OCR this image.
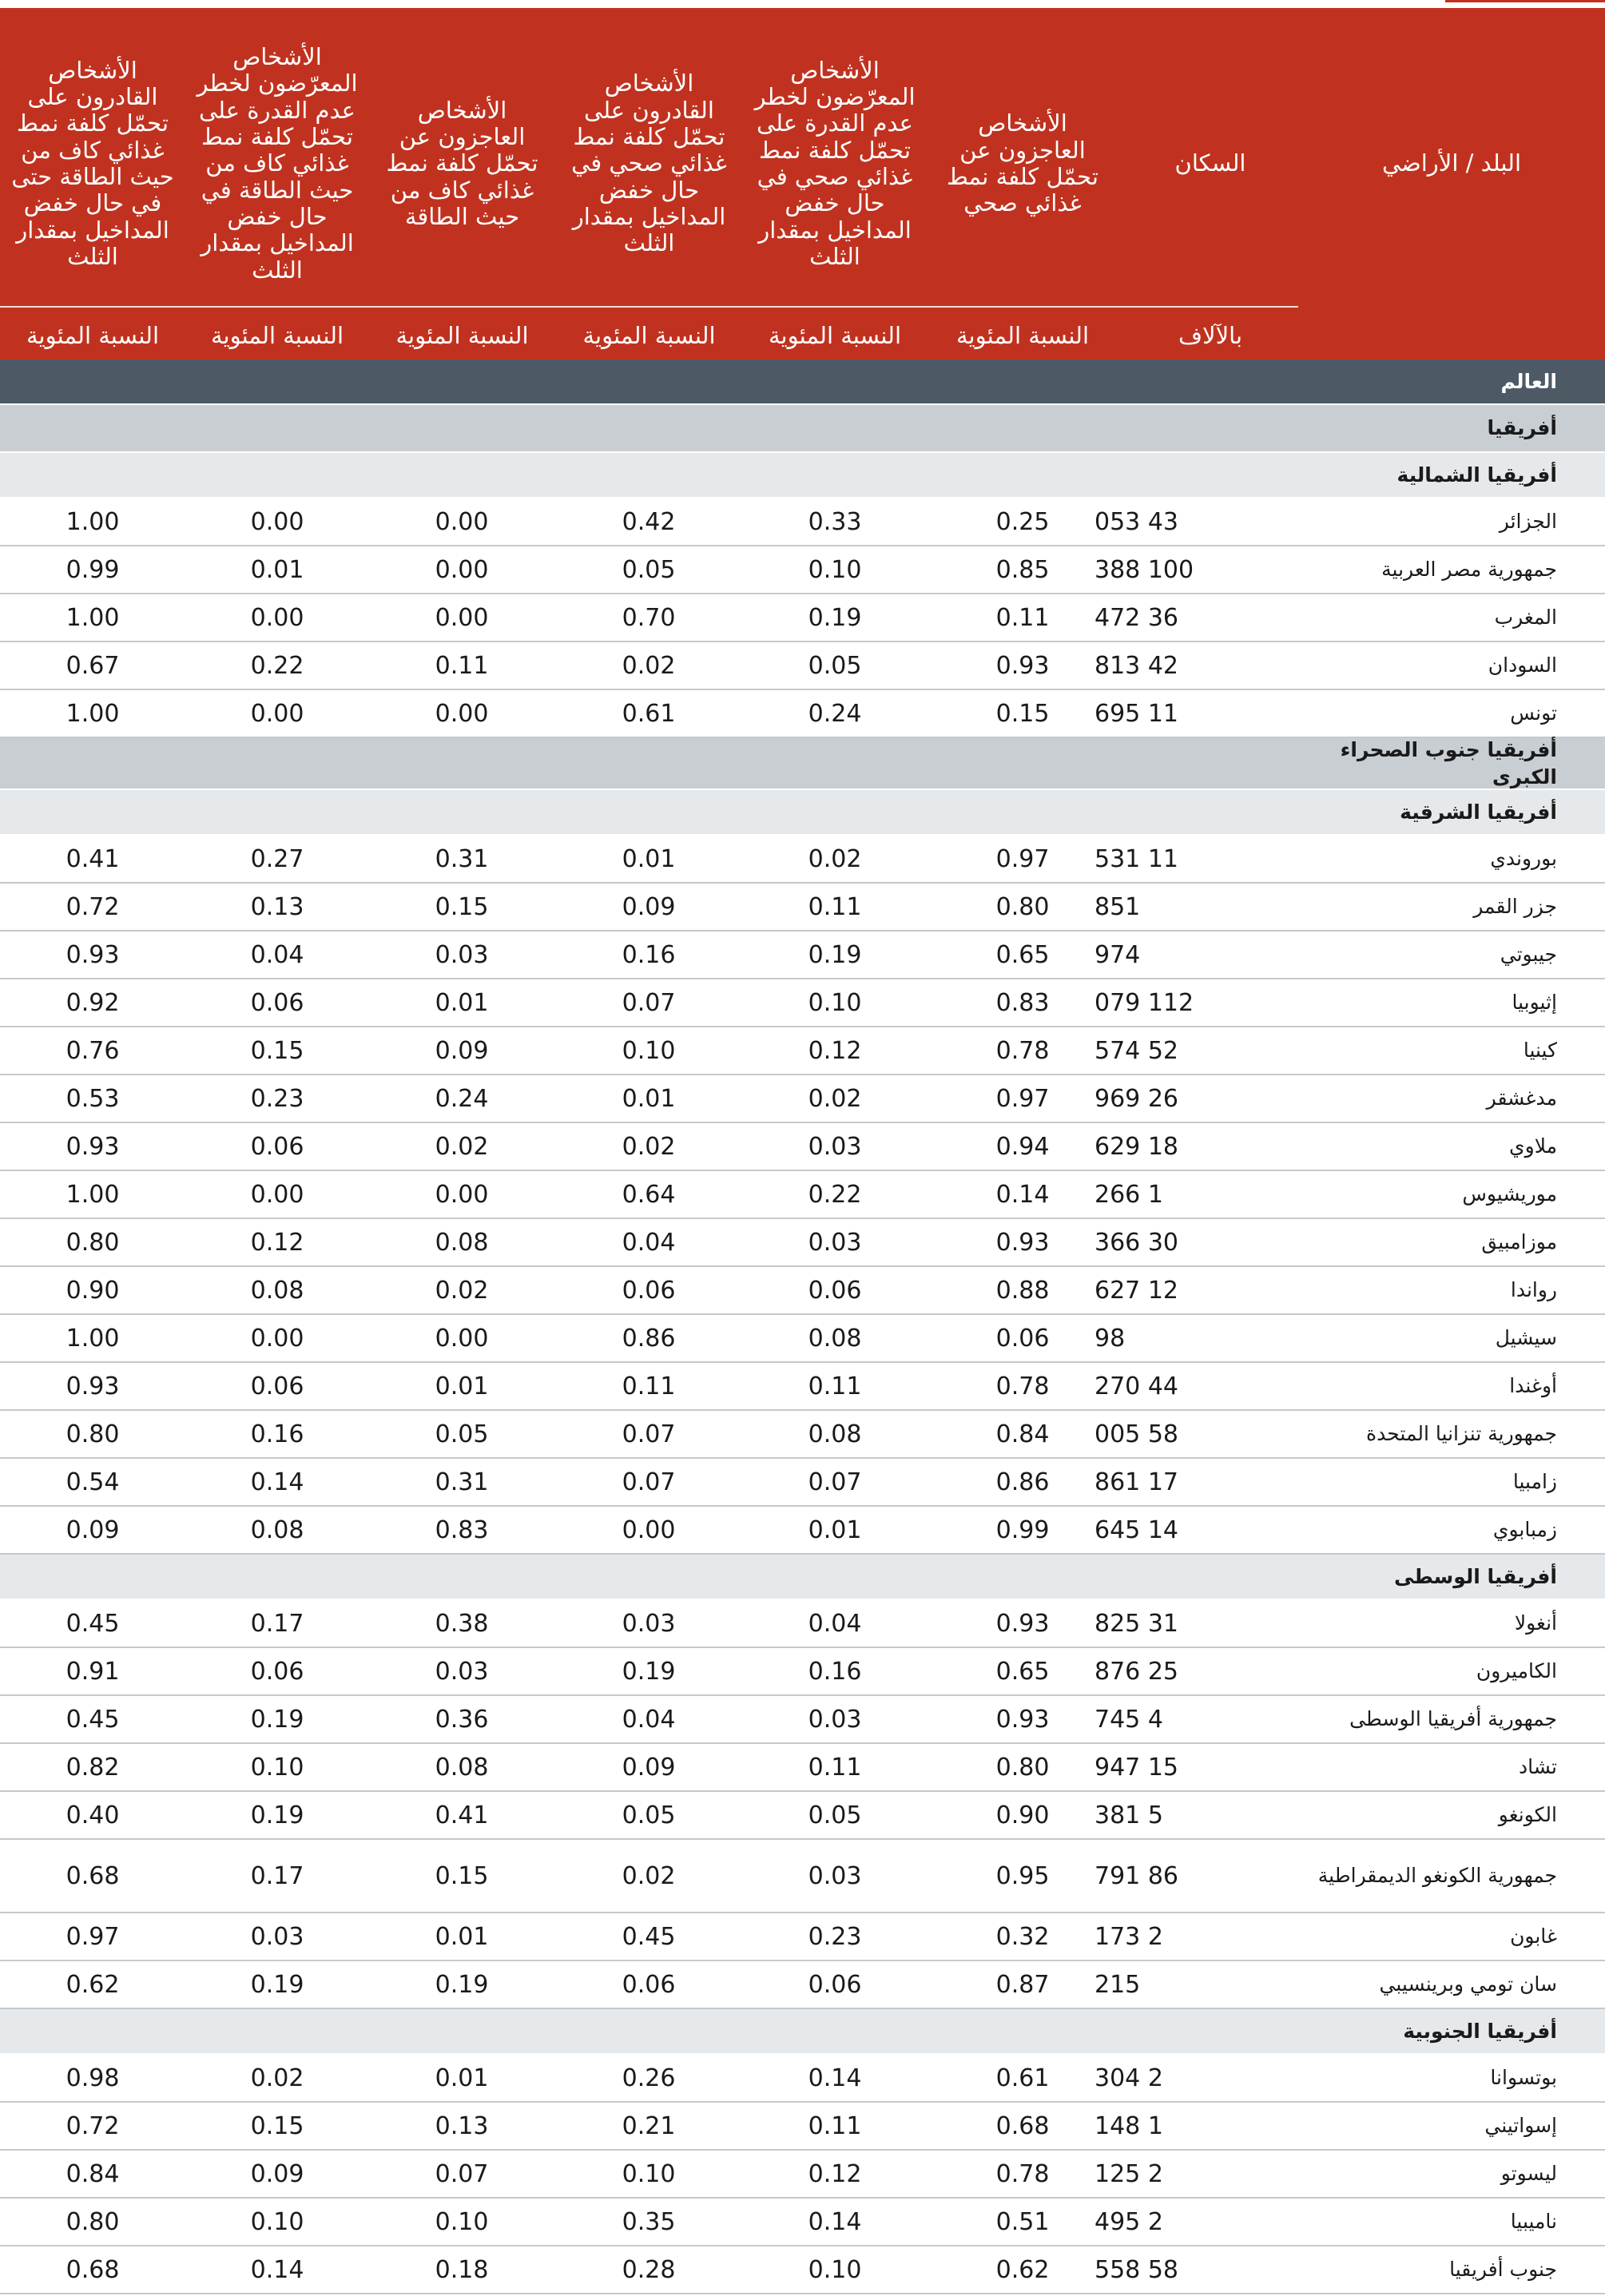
البلد / الأراضي
السكان
الأشخاص العاجزون عن تحمّل كلفة نمط غذائي صحي
الأشخاص المعرّضون لخطر عدم القدرة على تحمّل كلفة نمط غذائي صحي في حال خفض المداخيل بمقدار الثلث
الأشخاص القادرون على تحمّل كلفة نمط غذائي صحي في حال خفض المداخيل بمقدار الثلث
الأشخاص العاجزون عن تحمّل كلفة نمط غذائي كاف من حيث الطاقة
الأشخاص المعرّضون لخطر عدم القدرة على تحمّل كلفة نمط غذائي كاف من حيث الطاقة في حال خفض المداخيل بمقدار الثلث
الأشخاص القادرون على تحمّل كلفة نمط غذائي كاف من حيث الطاقة حتى في حال خفض المداخيل بمقدار الثلث
بالآلاف
النسبة المئوية
النسبة المئوية
النسبة المئوية
النسبة المئوية
النسبة المئوية
النسبة المئوية
العالم
أفريقيا
أفريقيا الشمالية
الجزائر
43 053
0.25
0.33
0.42
0.00
0.00
1.00
جمهورية مصر العربية
100 388
0.85
0.10
0.05
0.00
0.01
0.99
المغرب
36 472
0.11
0.19
0.70
0.00
0.00
1.00
السودان
42 813
0.93
0.05
0.02
0.11
0.22
0.67
تونس
11 695
0.15
0.24
0.61
0.00
0.00
1.00
أفريقيا جنوب الصحراء الكبرى
أفريقيا الشرقية
بوروندي
11 531
0.97
0.02
0.01
0.31
0.27
0.41
جزر القمر
851
0.80
0.11
0.09
0.15
0.13
0.72
جيبوتي
974
0.65
0.19
0.16
0.03
0.04
0.93
إثيوبيا
112 079
0.83
0.10
0.07
0.01
0.06
0.92
كينيا
52 574
0.78
0.12
0.10
0.09
0.15
0.76
مدغشقر
26 969
0.97
0.02
0.01
0.24
0.23
0.53
ملاوي
18 629
0.94
0.03
0.02
0.02
0.06
0.93
موريشيوس
1 266
0.14
0.22
0.64
0.00
0.00
1.00
موزامبيق
30 366
0.93
0.03
0.04
0.08
0.12
0.80
رواندا
12 627
0.88
0.06
0.06
0.02
0.08
0.90
سيشيل
98
0.06
0.08
0.86
0.00
0.00
1.00
أوغندا
44 270
0.78
0.11
0.11
0.01
0.06
0.93
جمهورية تنزانيا المتحدة
58 005
0.84
0.08
0.07
0.05
0.16
0.80
زامبيا
17 861
0.86
0.07
0.07
0.31
0.14
0.54
زمبابوي
14 645
0.99
0.01
0.00
0.83
0.08
0.09
أفريقيا الوسطى
أنغولا
31 825
0.93
0.04
0.03
0.38
0.17
0.45
الكاميرون
25 876
0.65
0.16
0.19
0.03
0.06
0.91
جمهورية أفريقيا الوسطى
4 745
0.93
0.03
0.04
0.36
0.19
0.45
تشاد
15 947
0.80
0.11
0.09
0.08
0.10
0.82
الكونغو
5 381
0.90
0.05
0.05
0.41
0.19
0.40
جمهورية الكونغو الديمقراطية
86 791
0.95
0.03
0.02
0.15
0.17
0.68
غابون
2 173
0.32
0.23
0.45
0.01
0.03
0.97
سان تومي وبرينسيبي
215
0.87
0.06
0.06
0.19
0.19
0.62
أفريقيا الجنوبية
بوتسوانا
2 304
0.61
0.14
0.26
0.01
0.02
0.98
إسواتيني
1 148
0.68
0.11
0.21
0.13
0.15
0.72
ليسوتو
2 125
0.78
0.12
0.10
0.07
0.09
0.84
ناميبيا
2 495
0.51
0.14
0.35
0.10
0.10
0.80
جنوب أفريقيا
58 558
0.62
0.10
0.28
0.18
0.14
0.68
